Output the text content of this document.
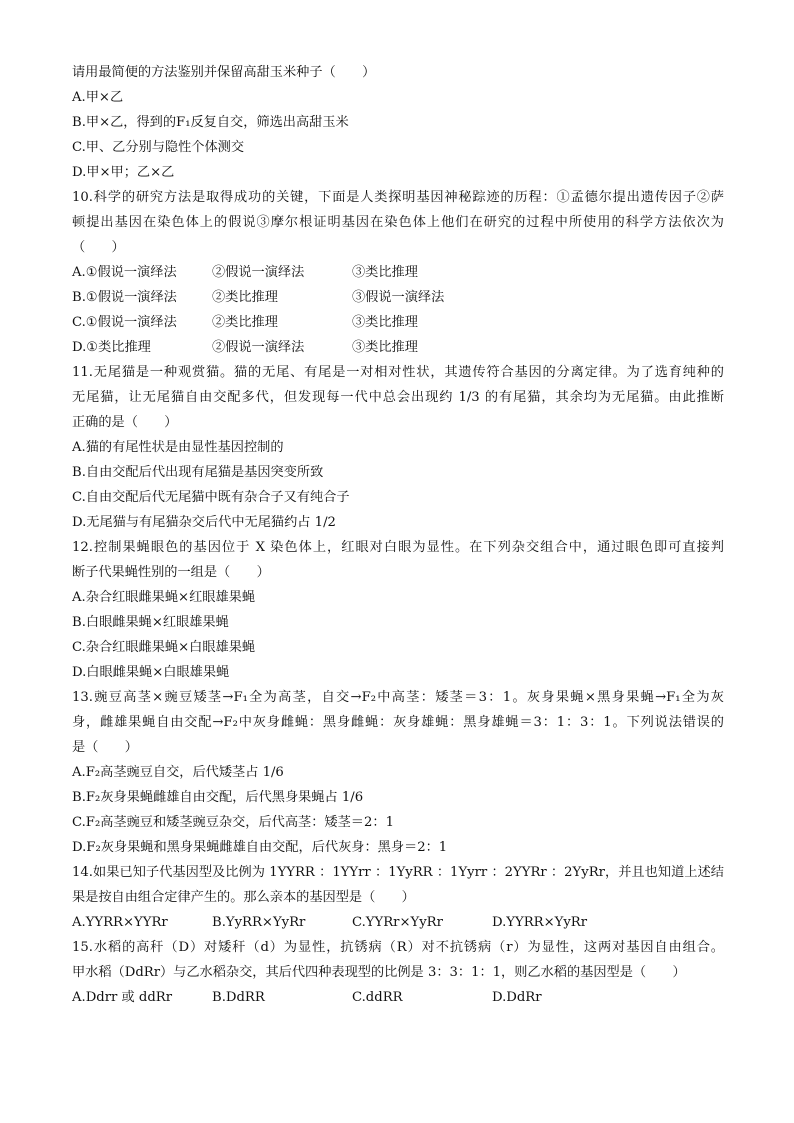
请用最简便的方法鉴别并保留高甜玉米种子（　　）
A.甲×乙
B.甲×乙，得到的F₁反复自交，筛选出高甜玉米
C.甲、乙分别与隐性个体测交
D.甲×甲；乙×乙
10.科学的研究方法是取得成功的关键，下面是人类探明基因神秘踪迹的历程：①孟德尔提出遗传因子②萨
顿提出基因在染色体上的假说③摩尔根证明基因在染色体上他们在研究的过程中所使用的科学方法依次为
（　　）
A.①假说一演绎法	②假说一演绎法	③类比推理
B.①假说一演绎法	②类比推理	③假说一演绎法
C.①假说一演绎法	②类比推理	③类比推理
D.①类比推理	②假说一演绎法	③类比推理
11.无尾猫是一种观赏猫。猫的无尾、有尾是一对相对性状，其遗传符合基因的分离定律。为了选育纯种的
无尾猫，让无尾猫自由交配多代，但发现每一代中总会出现约 1/3 的有尾猫，其余均为无尾猫。由此推断
正确的是（　　）
A.猫的有尾性状是由显性基因控制的
B.自由交配后代出现有尾猫是基因突变所致
C.自由交配后代无尾猫中既有杂合子又有纯合子
D.无尾猫与有尾猫杂交后代中无尾猫约占 1/2
12.控制果蝇眼色的基因位于 X 染色体上，红眼对白眼为显性。在下列杂交组合中，通过眼色即可直接判
断子代果蝇性别的一组是（　　）
A.杂合红眼雌果蝇×红眼雄果蝇
B.白眼雌果蝇×红眼雄果蝇
C.杂合红眼雌果蝇×白眼雄果蝇
D.白眼雌果蝇×白眼雄果蝇
13.豌豆高茎×豌豆矮茎→F₁全为高茎，自交→F₂中高茎：矮茎＝3：1。灰身果蝇×黑身果蝇→F₁全为灰
身，雌雄果蝇自由交配→F₂中灰身雌蝇：黑身雌蝇：灰身雄蝇：黑身雄蝇＝3：1：3：1。下列说法错误的
是（　　）
A.F₂高茎豌豆自交，后代矮茎占 1/6
B.F₂灰身果蝇雌雄自由交配，后代黑身果蝇占 1/6
C.F₂高茎豌豆和矮茎豌豆杂交，后代高茎：矮茎＝2：1
D.F₂灰身果蝇和黑身果蝇雌雄自由交配，后代灰身：黑身＝2：1
14.如果已知子代基因型及比例为 1YYRR ：1YYrr ：1YyRR ：1Yyrr ：2YYRr ：2YyRr，并且也知道上述结
果是按自由组合定律产生的。那么亲本的基因型是（　　）
A.YYRR×YYRr	B.YyRR×YyRr	C.YYRr×YyRr	D.YYRR×YyRr
15.水稻的高秆（D）对矮秆（d）为显性，抗锈病（R）对不抗锈病（r）为显性，这两对基因自由组合。
甲水稻（DdRr）与乙水稻杂交，其后代四种表现型的比例是 3：3：1：1，则乙水稻的基因型是（　　）
A.Ddrr 或 ddRr	B.DdRR	C.ddRR	D.DdRr
